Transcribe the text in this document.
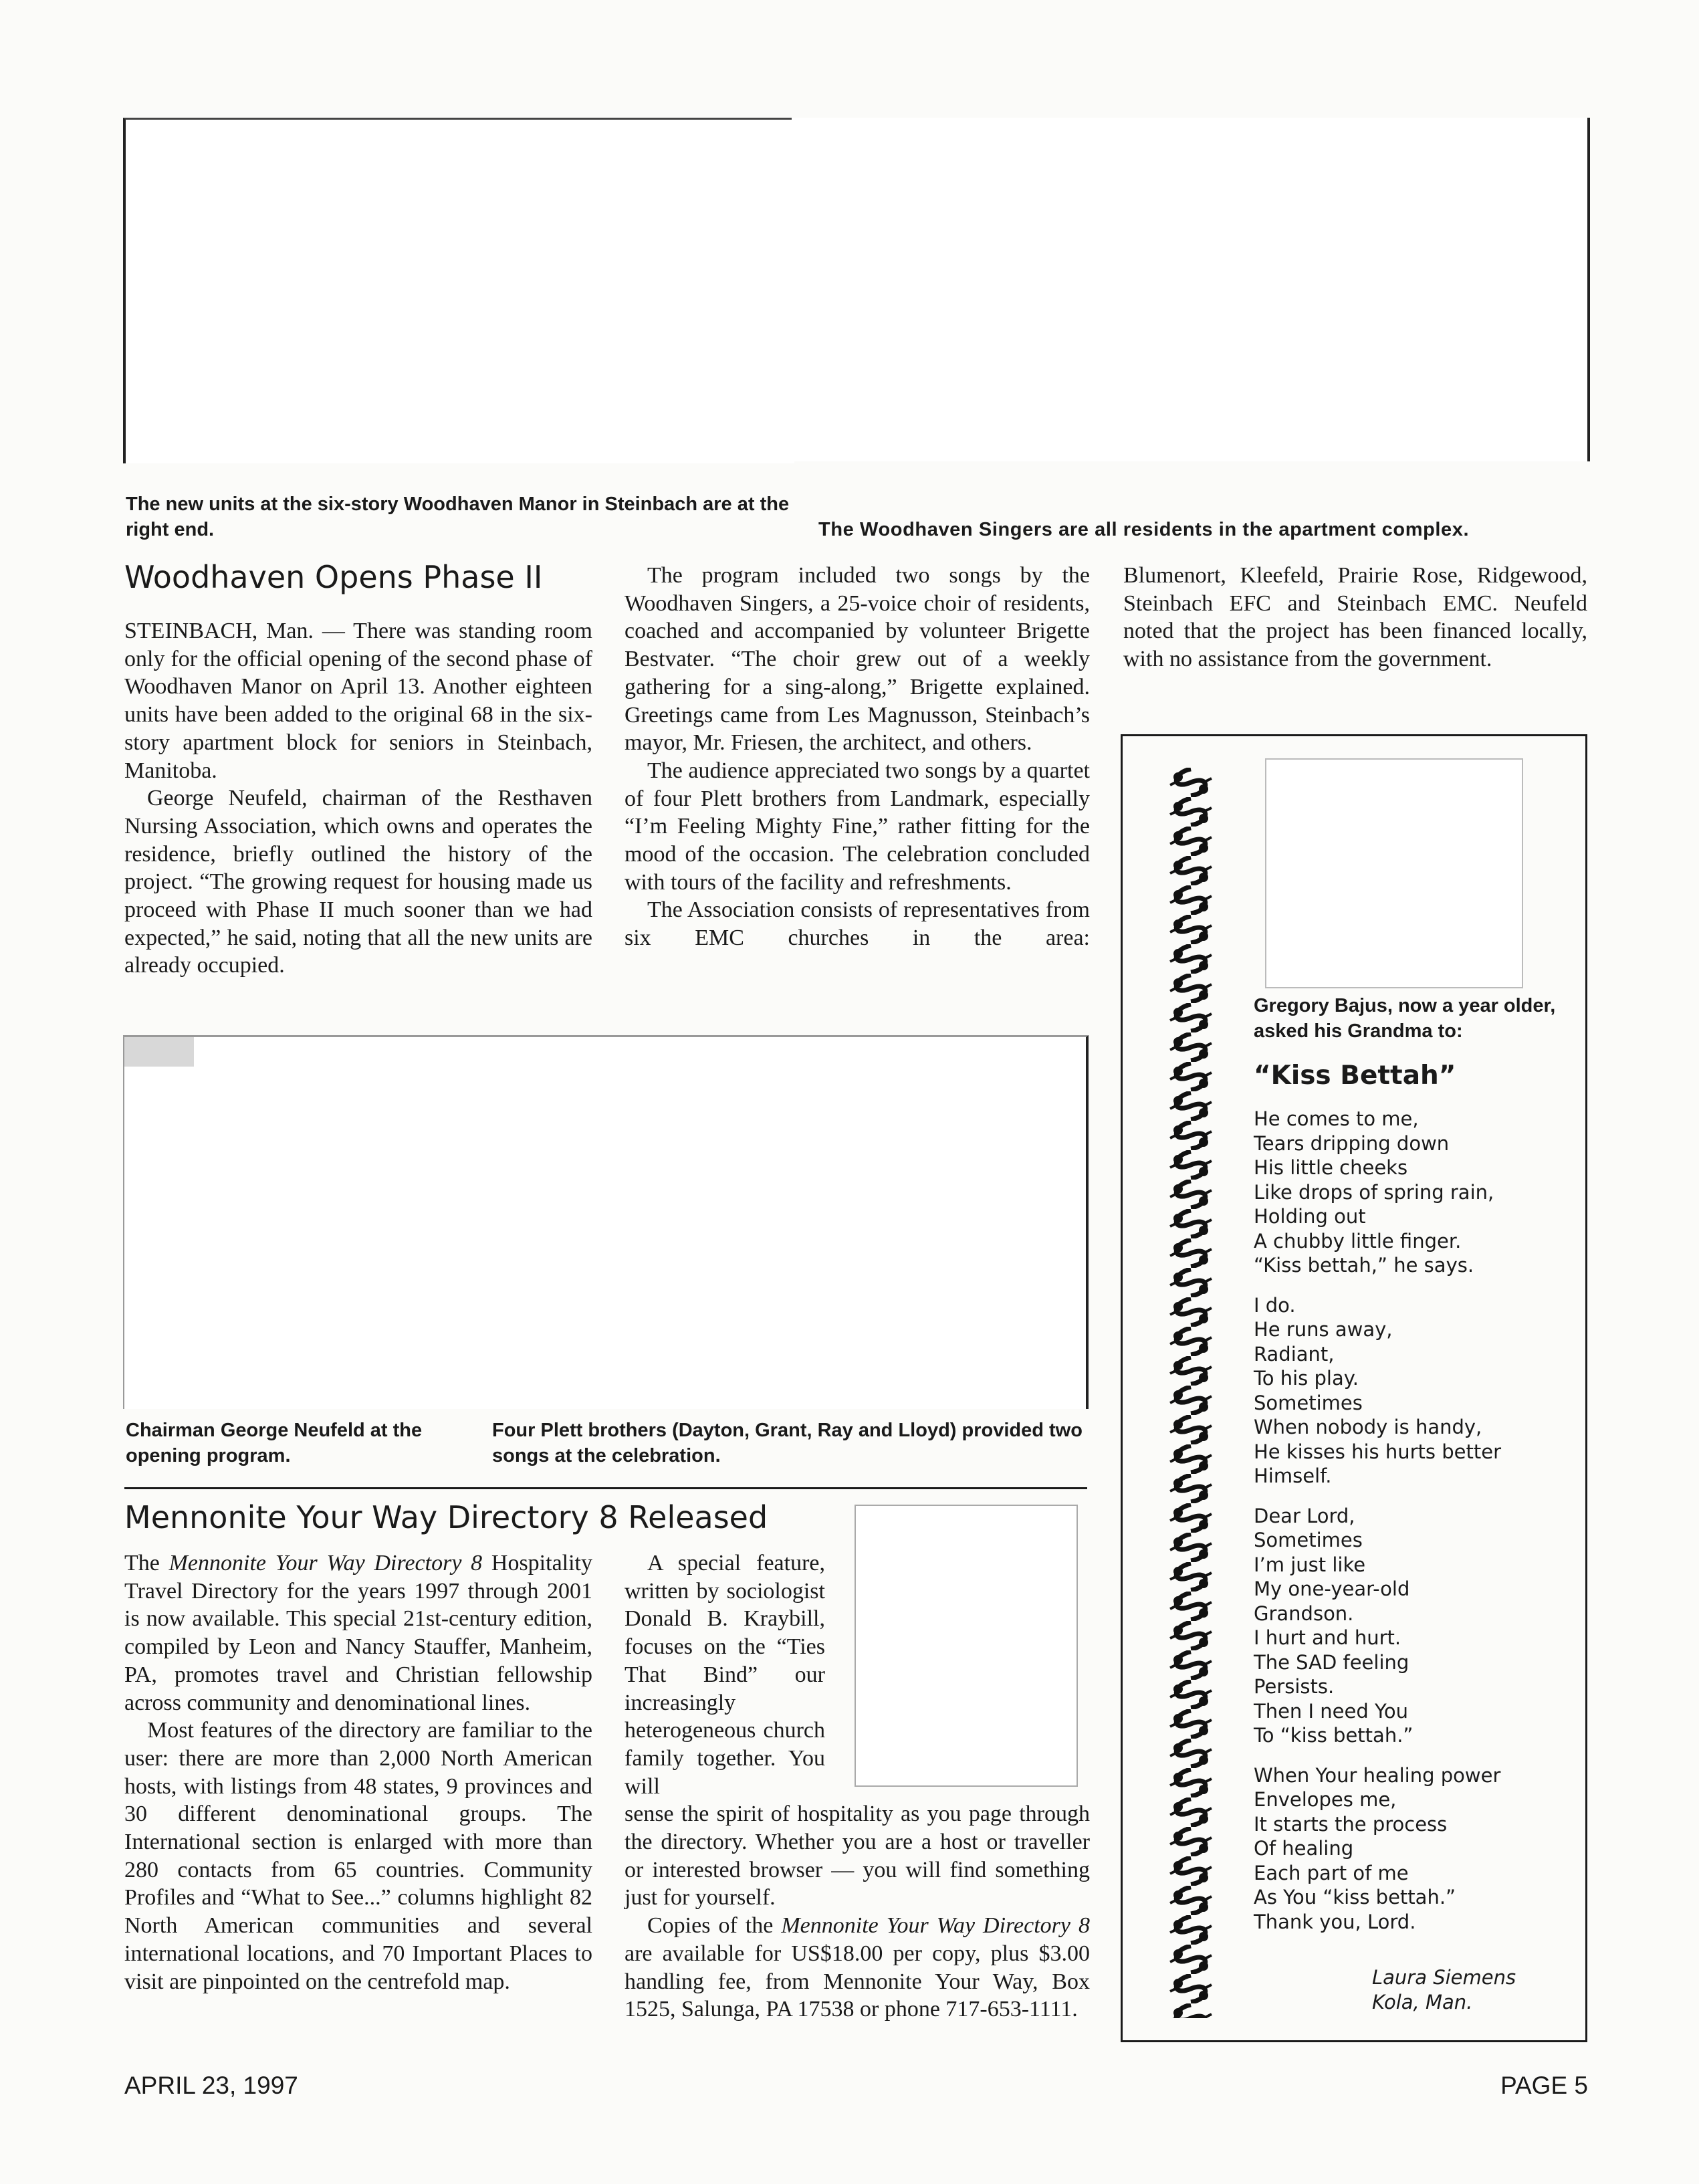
The new units at the six-story Woodhaven Manor in Steinbach are at the right end.	The Woodhaven Singers are all residents in the apartment complex.
Woodhaven Opens Phase II

STEINBACH, Man. — There was standing room only for the official opening of the second phase of Woodhaven Manor on April 13. Another eighteen units have been added to the original 68 in the six-story apartment block for seniors in Steinbach, Manitoba.

George Neufeld, chairman of the Resthaven Nursing Association, which owns and operates the residence, briefly outlined the history of the project. “The growing request for housing made us proceed with Phase II much sooner than we had expected,” he said, noting that all the new units are already occupied.

The program included two songs by the Woodhaven Singers, a 25-voice choir of residents, coached and accompanied by volunteer Brigette Bestvater. “The choir grew out of a weekly gathering for a sing-along,” Brigette explained. Greetings came from Les Magnusson, Steinbach’s mayor, Mr. Friesen, the architect, and others.

The audience appreciated two songs by a quartet of four Plett brothers from Landmark, especially “I’m Feeling Mighty Fine,” rather fitting for the mood of the occasion. The celebration concluded with tours of the facility and refreshments.

The Association consists of representatives from six EMC churches in the area:

Blumenort, Kleefeld, Prairie Rose, Ridgewood, Steinbach EFC and Steinbach EMC. Neufeld noted that the project has been financed locally, with no assistance from the government.

Chairman George Neufeld at the opening program.
Four Plett brothers (Dayton, Grant, Ray and Lloyd) provided two songs at the celebration.
Mennonite Your Way Directory 8 Released

The Mennonite Your Way Directory 8 Hospitality Travel Directory for the years 1997 through 2001 is now available. This special 21st-century edition, compiled by Leon and Nancy Stauffer, Manheim, PA, promotes travel and Christian fellowship across community and denominational lines.

Most features of the directory are familiar to the user: there are more than 2,000 North American hosts, with listings from 48 states, 9 provinces and 30 different denominational groups. The International section is enlarged with more than 280 contacts from 65 countries. Community Profiles and “What to See...” columns highlight 82 North American communities and several international locations, and 70 Important Places to visit are pinpointed on the centrefold map.

A special feature, written by sociologist Donald B. Kraybill, focuses on the “Ties That Bind” our increasingly heterogeneous church family together. You will
sense the spirit of hospitality as you page through the directory. Whether you are a host or traveller or interested browser — you will find something just for yourself.

Copies of the Mennonite Your Way Directory 8 are available for US$18.00 per copy, plus $3.00 handling fee, from Mennonite Your Way, Box 1525, Salunga, PA 17538 or phone 717-653-1111.

Gregory Bajus, now a year older, asked his Grandma to:
“Kiss Bettah”
He comes to me,
Tears dripping down
His little cheeks
Like drops of spring rain,
Holding out
A chubby little finger.
“Kiss bettah,” he says.
I do.
He runs away,
Radiant,
To his play.
Sometimes
When nobody is handy,
He kisses his hurts better
Himself.
Dear Lord,
Sometimes
I’m just like
My one-year-old
Grandson.
I hurt and hurt.
The SAD feeling
Persists.
Then I need You
To “kiss bettah.”
When Your healing power
Envelopes me,
It starts the process
Of healing
Each part of me
As You “kiss bettah.”
Thank you, Lord.
Laura Siemens
Kola, Man.
APRIL 23, 1997	PAGE 5
